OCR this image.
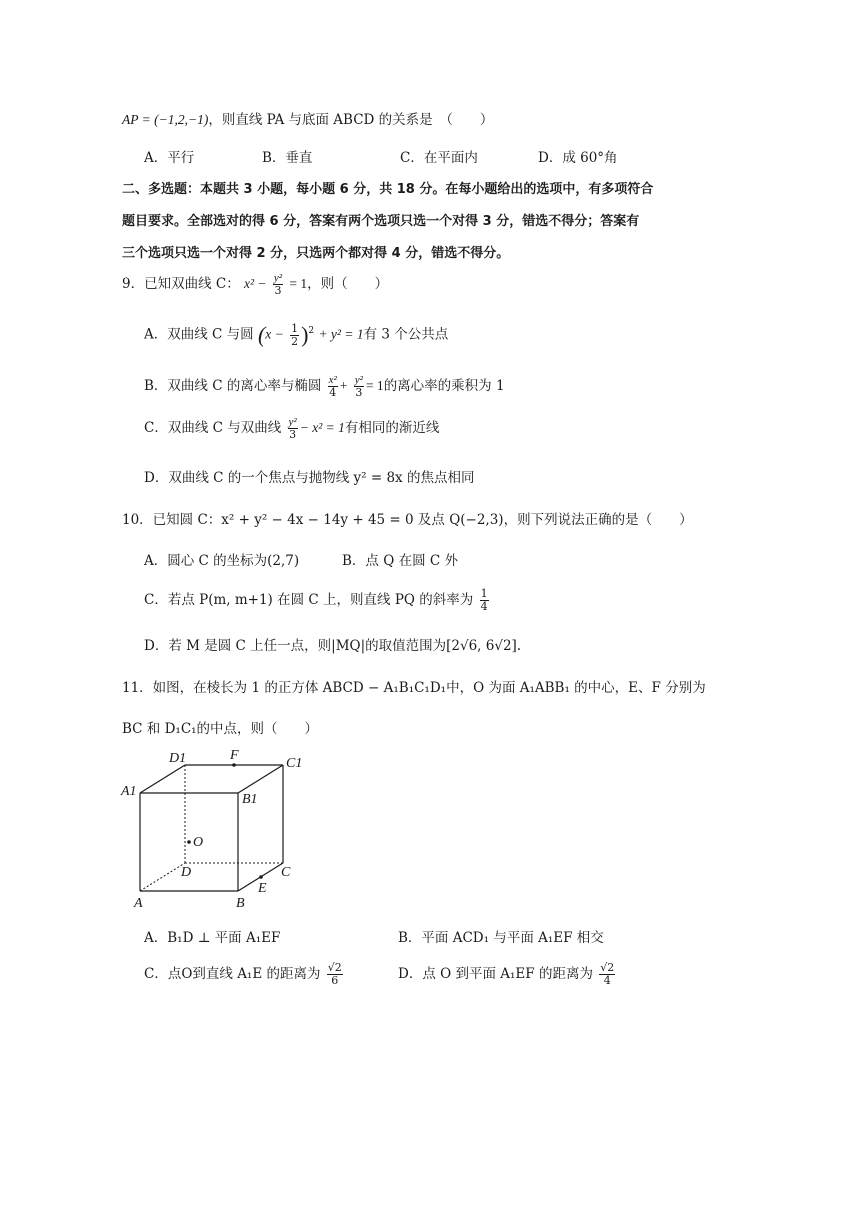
AP = (−1,2,−1)，则直线 PA 与底面 ABCD 的关系是　（　　）
A．平行	B．垂直	C．在平面内	D．成 60°角
二、多选题：本题共 3 小题，每小题 6 分，共 18 分。在每小题给出的选项中，有多项符合
题目要求。全部选对的得 6 分，答案有两个选项只选一个对得 3 分，错选不得分；答案有
三个选项只选一个对得 2 分，只选两个都对得 4 分，错选不得分。
9．已知双曲线 C： $x^2 - \frac{\text{y²}}{3} = 1$，则（　　）
A．双曲线 C 与圆 $(x - \frac{1}{2} )^2 + y^2 = 1$有 3 个公共点
B．双曲线 C 的离心率与椭圆 $\frac{\text{x²}}{4} + \frac{\text{y²}}{3} = 1$的离心率的乘积为 1
C．双曲线 C 与双曲线 $\frac{\text{y²}}{3} - x^2 = 1$有相同的渐近线
D．双曲线 C 的一个焦点与抛物线 y² = 8x 的焦点相同
10．已知圆 C：x² + y² − 4x − 14y + 45 = 0 及点 Q(−2,3)，则下列说法正确的是（　　）
A．圆心 C 的坐标为(2,7)	B．点 Q 在圆 C 外
C．若点 P(m, m+1) 在圆 C 上，则直线 PQ 的斜率为 $\frac{1}{4}$
D．若 M 是圆 C 上任一点，则|MQ|的取值范围为[2√6, 6√2].
11．如图，在棱长为 1 的正方体 ABCD − A₁B₁C₁D₁中，O 为面 A₁ABB₁ 的中心，E、F 分别为
BC 和 D₁C₁的中点，则（　　）
D1	F
C1
A1
B1
O
D	C
E
A	B
A．B₁D ⊥ 平面 A₁EF	B．平面 ACD₁ 与平面 A₁EF 相交
C．点O到直线 A₁E 的距离为 $\frac{√2}{6}$	D．点 O 到平面 A₁EF 的距离为 $\frac{√2}{4}$
